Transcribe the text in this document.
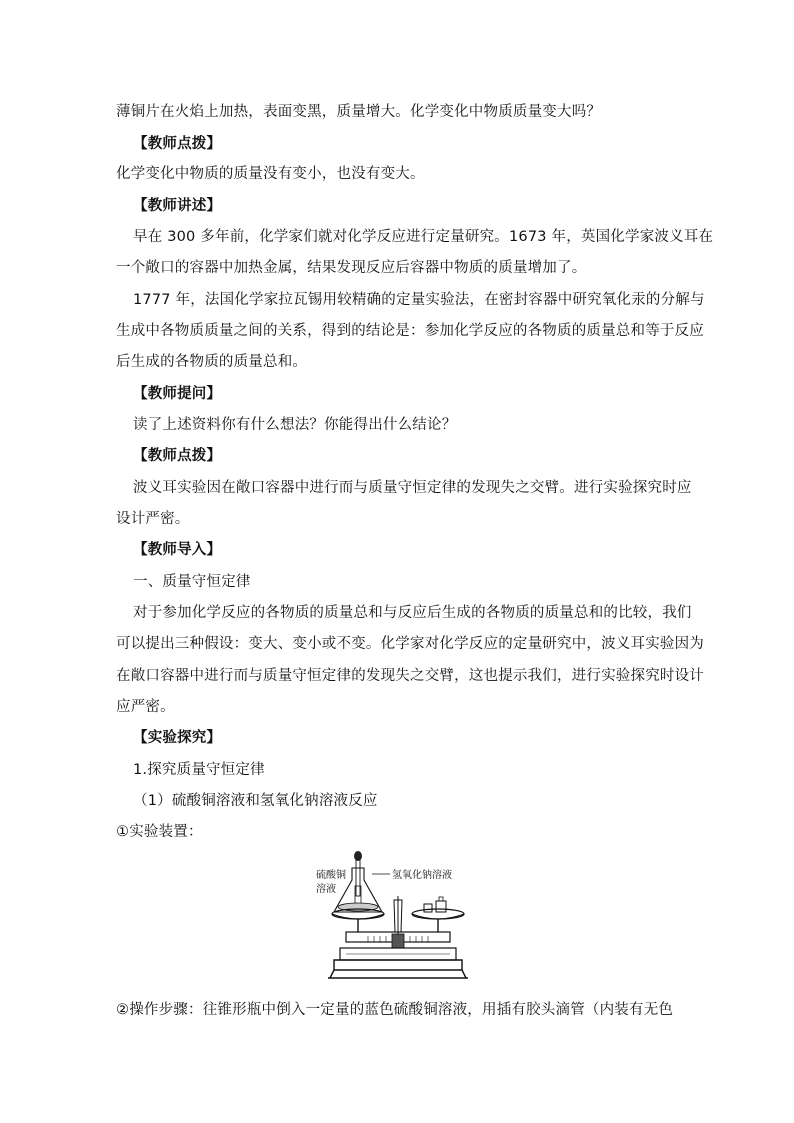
薄铜片在火焰上加热，表面变黑，质量增大。化学变化中物质质量变大吗？
【教师点拨】
化学变化中物质的质量没有变小，也没有变大。
【教师讲述】
早在 300 多年前，化学家们就对化学反应进行定量研究。1673 年，英国化学家波义耳在
一个敞口的容器中加热金属，结果发现反应后容器中物质的质量增加了。
1777 年，法国化学家拉瓦锡用较精确的定量实验法，在密封容器中研究氧化汞的分解与
生成中各物质质量之间的关系，得到的结论是：参加化学反应的各物质的质量总和等于反应
后生成的各物质的质量总和。
【教师提问】
读了上述资料你有什么想法？你能得出什么结论？
【教师点拨】
波义耳实验因在敞口容器中进行而与质量守恒定律的发现失之交臂。进行实验探究时应
设计严密。
【教师导入】
一、质量守恒定律
对于参加化学反应的各物质的质量总和与反应后生成的各物质的质量总和的比较，我们
可以提出三种假设：变大、变小或不变。化学家对化学反应的定量研究中，波义耳实验因为
在敞口容器中进行而与质量守恒定律的发现失之交臂，这也提示我们，进行实验探究时设计
应严密。
【实验探究】
1.探究质量守恒定律
（1）硫酸铜溶液和氢氧化钠溶液反应
①实验装置：
硫酸铜
溶液
氢氧化钠溶液
②操作步骤：往锥形瓶中倒入一定量的蓝色硫酸铜溶液，用插有胶头滴管（内装有无色
